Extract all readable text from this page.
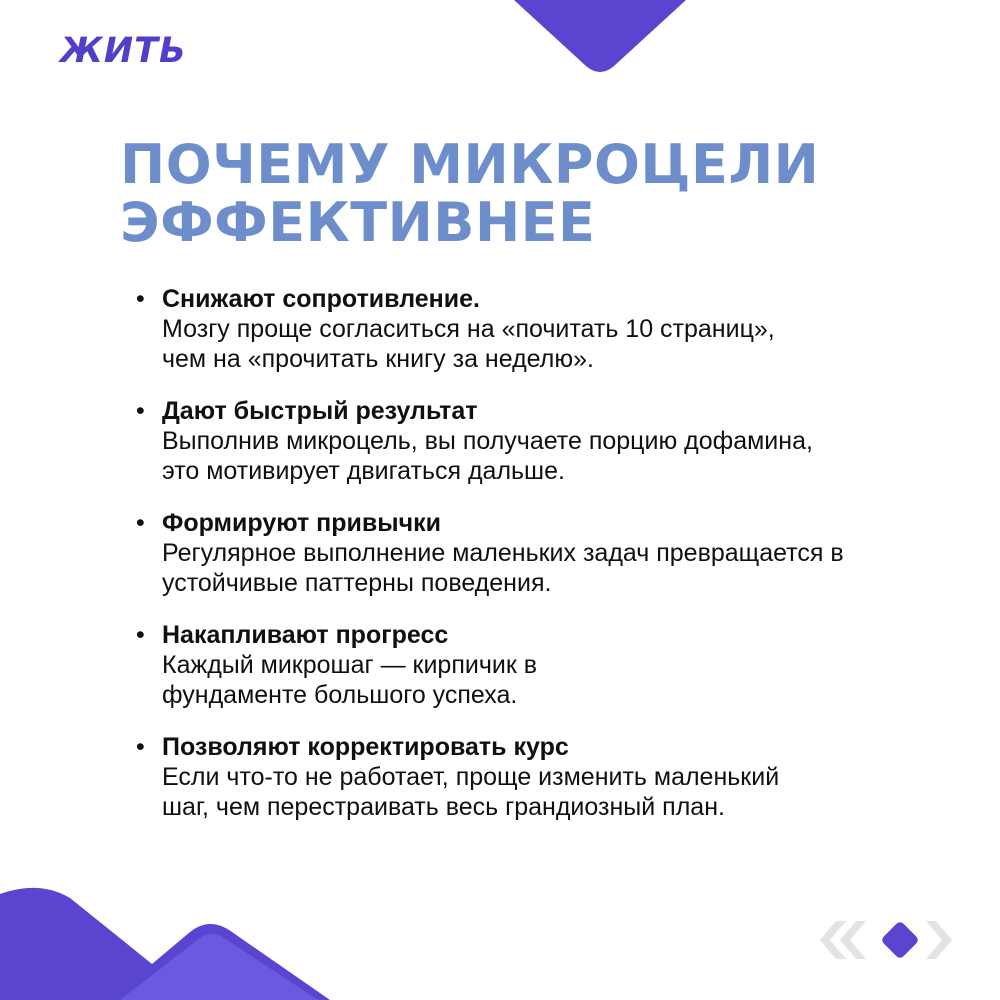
ЖИТЬ
ПОЧЕМУ МИКРОЦЕЛИ
ЭФФЕКТИВНЕЕ
• Снижают сопротивление.
Мозгу проще согласиться на «почитать 10 страниц», чем на «прочитать книгу за неделю».
• Дают быстрый результат
Выполнив микроцель, вы получаете порцию дофамина, это мотивирует двигаться дальше.
• Формируют привычки
Регулярное выполнение маленьких задач превращается в устойчивые паттерны поведения.
• Накапливают прогресс
Каждый микрошаг — кирпичик в фундаменте большого успеха.
• Позволяют корректировать курс
Если что-то не работает, проще изменить маленький шаг, чем перестраивать весь грандиозный план.
